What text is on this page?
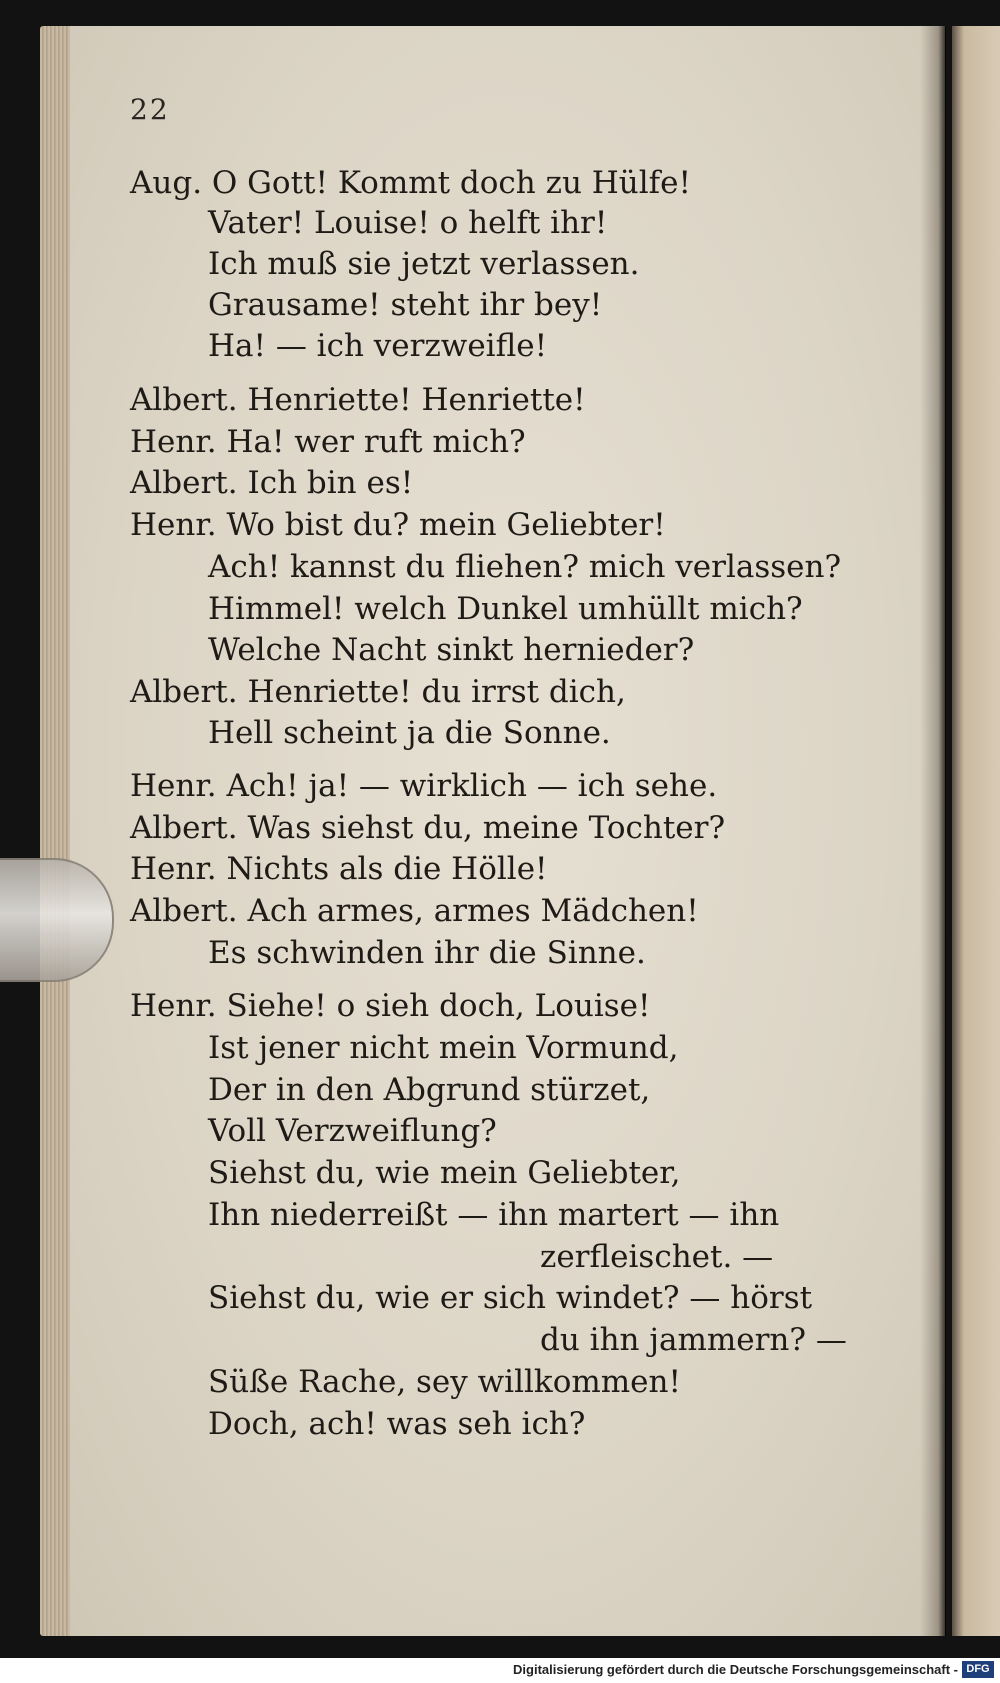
22
Aug. O Gott! Kommt doch zu Hülfe!
Vater! Louise! o helft ihr!
Ich muß sie jetzt verlassen.
Grausame! steht ihr bey!
Ha! — ich verzweifle!
Albert. Henriette! Henriette!
Henr. Ha! wer ruft mich?
Albert. Ich bin es!
Henr. Wo bist du? mein Geliebter!
Ach! kannst du fliehen? mich verlassen?
Himmel! welch Dunkel umhüllt mich?
Welche Nacht sinkt hernieder?
Albert. Henriette! du irrst dich,
Hell scheint ja die Sonne.
Henr. Ach! ja! — wirklich — ich sehe.
Albert. Was siehst du, meine Tochter?
Henr. Nichts als die Hölle!
Albert. Ach armes, armes Mädchen!
Es schwinden ihr die Sinne.
Henr. Siehe! o sieh doch, Louise!
Ist jener nicht mein Vormund,
Der in den Abgrund stürzet,
Voll Verzweiflung?
Siehst du, wie mein Geliebter,
Ihn niederreißt — ihn martert — ihn
zerfleischet. —
Siehst du, wie er sich windet? — hörst
du ihn jammern? —
Süße Rache, sey willkommen!
Doch, ach! was seh ich?
Digitalisierung gefördert durch die Deutsche Forschungsgemeinschaft - DFG
